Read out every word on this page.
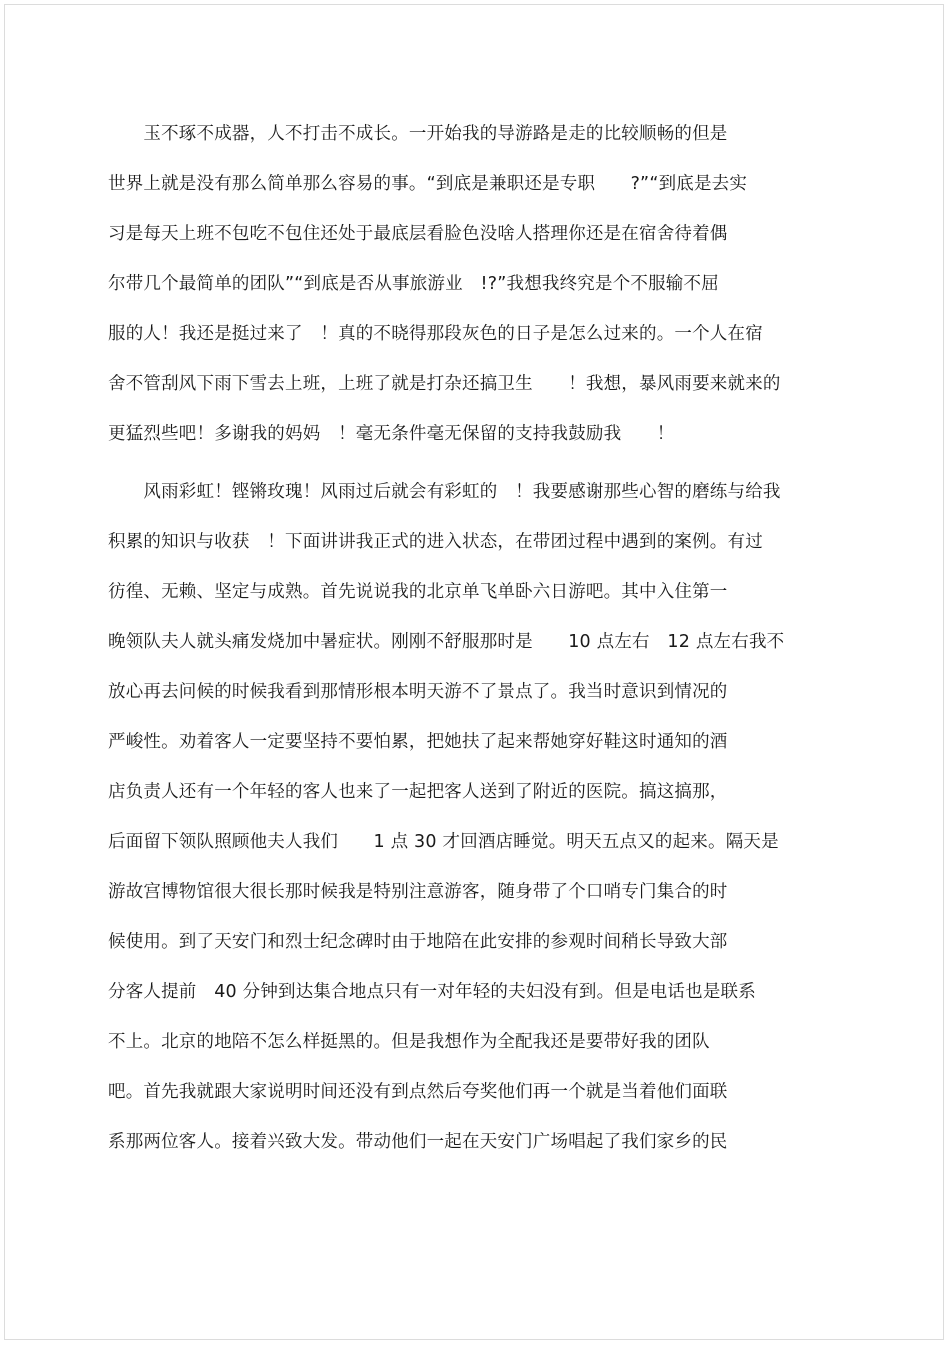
　　玉不琢不成器，人不打击不成长。一开始我的导游路是走的比较顺畅的但是

世界上就是没有那么简单那么容易的事。“到底是兼职还是专职　　?”“到底是去实

习是每天上班不包吃不包住还处于最底层看脸色没啥人搭理你还是在宿舍待着偶

尔带几个最简单的团队”“到底是否从事旅游业　!?”我想我终究是个不服输不屈

服的人！我还是挺过来了　！真的不晓得那段灰色的日子是怎么过来的。一个人在宿

舍不管刮风下雨下雪去上班，上班了就是打杂还搞卫生　　！我想，暴风雨要来就来的

更猛烈些吧！多谢我的妈妈　！毫无条件毫无保留的支持我鼓励我　　！

　　风雨彩虹！铿锵玫瑰！风雨过后就会有彩虹的　！我要感谢那些心智的磨练与给我

积累的知识与收获　！下面讲讲我正式的进入状态，在带团过程中遇到的案例。有过

彷徨、无赖、坚定与成熟。首先说说我的北京单飞单卧六日游吧。其中入住第一

晚领队夫人就头痛发烧加中暑症状。刚刚不舒服那时是　　10 点左右　12 点左右我不

放心再去问候的时候我看到那情形根本明天游不了景点了。我当时意识到情况的

严峻性。劝着客人一定要坚持不要怕累，把她扶了起来帮她穿好鞋这时通知的酒

店负责人还有一个年轻的客人也来了一起把客人送到了附近的医院。搞这搞那，

后面留下领队照顾他夫人我们　　1 点 30 才回酒店睡觉。明天五点又的起来。隔天是

游故宫博物馆很大很长那时候我是特别注意游客，随身带了个口哨专门集合的时

候使用。到了天安门和烈士纪念碑时由于地陪在此安排的参观时间稍长导致大部

分客人提前　40 分钟到达集合地点只有一对年轻的夫妇没有到。但是电话也是联系

不上。北京的地陪不怎么样挺黑的。但是我想作为全配我还是要带好我的团队

吧。首先我就跟大家说明时间还没有到点然后夸奖他们再一个就是当着他们面联

系那两位客人。接着兴致大发。带动他们一起在天安门广场唱起了我们家乡的民
